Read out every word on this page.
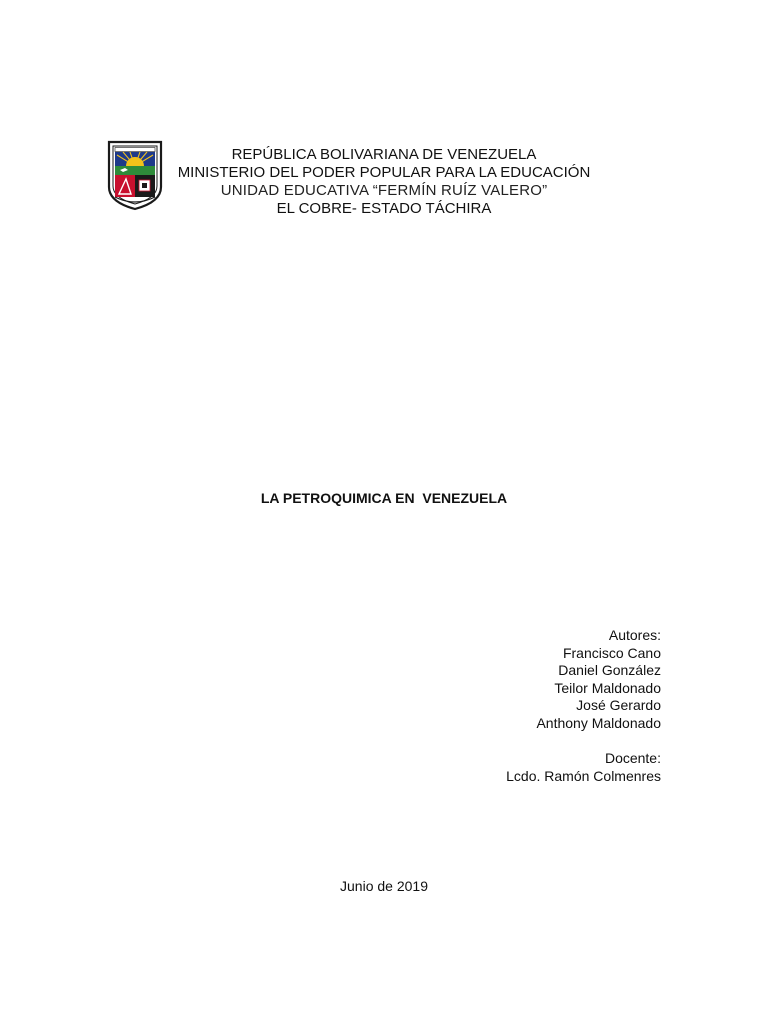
REPÚBLICA BOLIVARIANA DE VENEZUELA
MINISTERIO DEL PODER POPULAR PARA LA EDUCACIÓN
UNIDAD EDUCATIVA “FERMÍN RUÍZ VALERO”
EL COBRE- ESTADO TÁCHIRA
LA PETROQUIMICA EN  VENEZUELA
Autores:
Francisco Cano
Daniel González
Teilor Maldonado
José Gerardo
Anthony Maldonado
Docente:
Lcdo. Ramón Colmenres
Junio de 2019
